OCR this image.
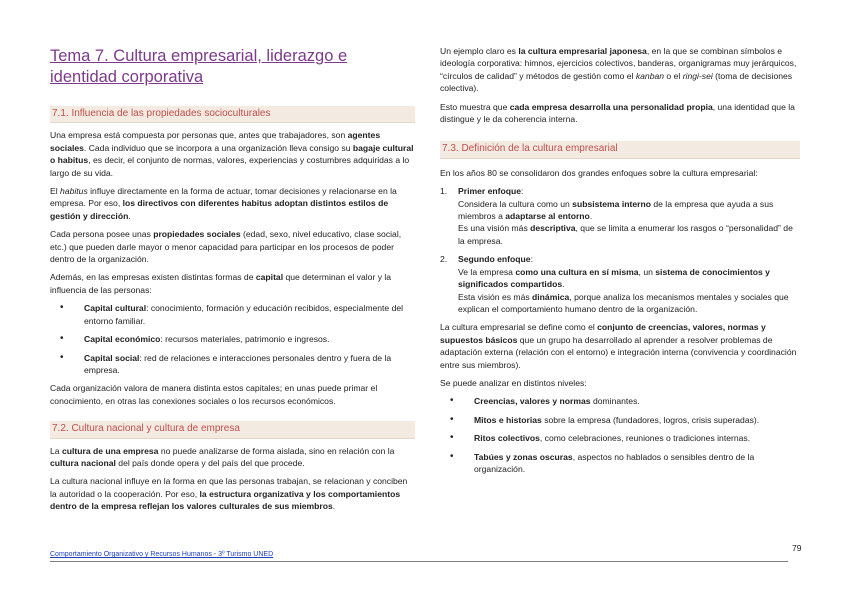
Tema 7. Cultura empresarial, liderazgo e identidad corporativa
7.1. Influencia de las propiedades socioculturales

Una empresa está compuesta por personas que, antes que trabajadores, son agentes sociales. Cada individuo que se incorpora a una organización lleva consigo su bagaje cultural o habitus, es decir, el conjunto de normas, valores, experiencias y costumbres adquiridas a lo largo de su vida.

El habitus influye directamente en la forma de actuar, tomar decisiones y relacionarse en la empresa. Por eso, los directivos con diferentes habitus adoptan distintos estilos de gestión y dirección.

Cada persona posee unas propiedades sociales (edad, sexo, nivel educativo, clase social, etc.) que pueden darle mayor o menor capacidad para participar en los procesos de poder dentro de la organización.

Además, en las empresas existen distintas formas de capital que determinan el valor y la influencia de las personas:

• Capital cultural: conocimiento, formación y educación recibidos, especialmente del entorno familiar.
• Capital económico: recursos materiales, patrimonio e ingresos.
• Capital social: red de relaciones e interacciones personales dentro y fuera de la empresa.

Cada organización valora de manera distinta estos capitales; en unas puede primar el conocimiento, en otras las conexiones sociales o los recursos económicos.

7.2. Cultura nacional y cultura de empresa

La cultura de una empresa no puede analizarse de forma aislada, sino en relación con la cultura nacional del país donde opera y del país del que procede.

La cultura nacional influye en la forma en que las personas trabajan, se relacionan y conciben la autoridad o la cooperación. Por eso, la estructura organizativa y los comportamientos dentro de la empresa reflejan los valores culturales de sus miembros.

Un ejemplo claro es la cultura empresarial japonesa, en la que se combinan símbolos e ideología corporativa: himnos, ejercicios colectivos, banderas, organigramas muy jerárquicos, “círculos de calidad” y métodos de gestión como el kanban o el ringi-sei (toma de decisiones colectiva).

Esto muestra que cada empresa desarrolla una personalidad propia, una identidad que la distingue y le da coherencia interna.

7.3. Definición de la cultura empresarial

En los años 80 se consolidaron dos grandes enfoques sobre la cultura empresarial:

1. Primer enfoque:
Considera la cultura como un subsistema interno de la empresa que ayuda a sus miembros a adaptarse al entorno.
Es una visión más descriptiva, que se limita a enumerar los rasgos o “personalidad” de la empresa.
2. Segundo enfoque:
Ve la empresa como una cultura en sí misma, un sistema de conocimientos y significados compartidos.
Esta visión es más dinámica, porque analiza los mecanismos mentales y sociales que explican el comportamiento humano dentro de la organización.

La cultura empresarial se define como el conjunto de creencias, valores, normas y supuestos básicos que un grupo ha desarrollado al aprender a resolver problemas de adaptación externa (relación con el entorno) e integración interna (convivencia y coordinación entre sus miembros).

Se puede analizar en distintos niveles:

• Creencias, valores y normas dominantes.
• Mitos e historias sobre la empresa (fundadores, logros, crisis superadas).
• Ritos colectivos, como celebraciones, reuniones o tradiciones internas.
• Tabúes y zonas oscuras, aspectos no hablados o sensibles dentro de la organización.
Comportamiento Organizativo y Recursos Humanos - 3º Turismo UNED
79
